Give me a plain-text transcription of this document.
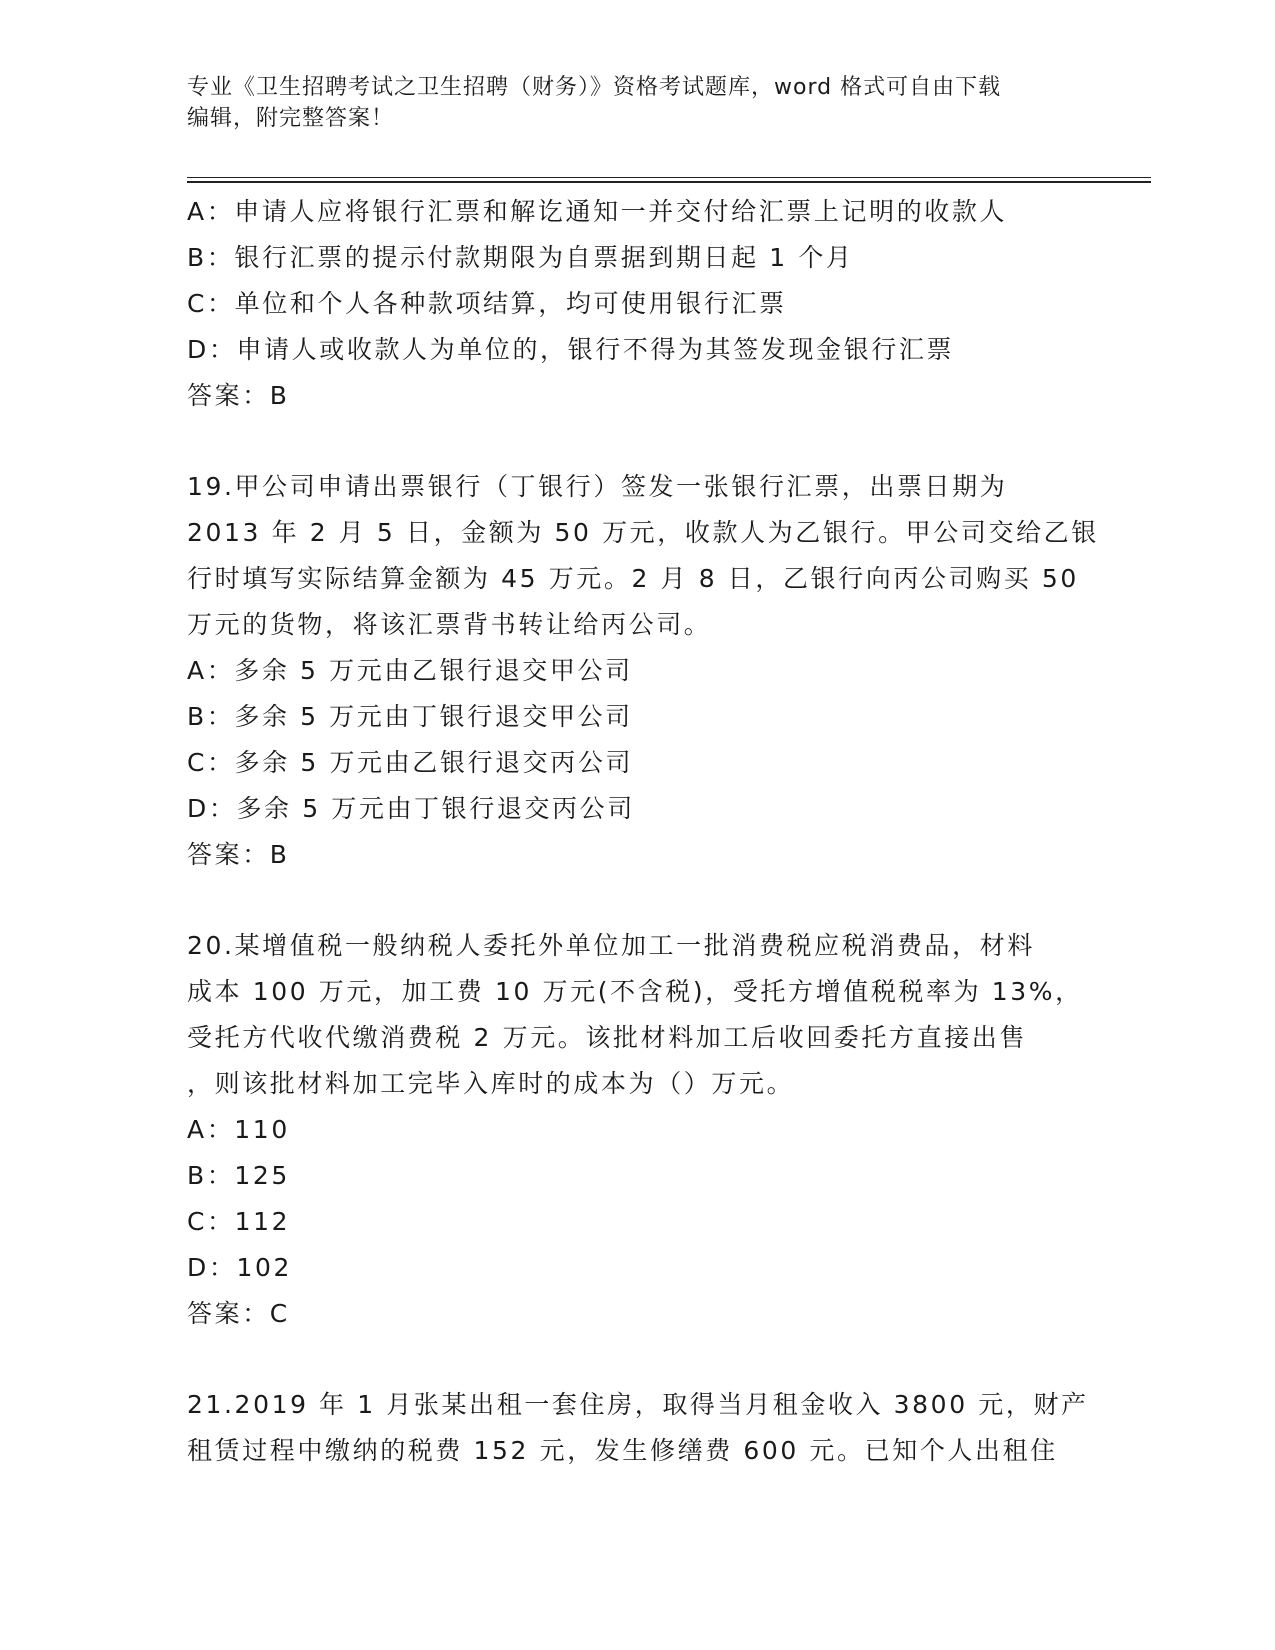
专业《卫生招聘考试之卫生招聘（财务）》资格考试题库，word 格式可自由下载
编辑，附完整答案！
A：申请人应将银行汇票和解讫通知一并交付给汇票上记明的收款人
B：银行汇票的提示付款期限为自票据到期日起 1 个月
C：单位和个人各种款项结算，均可使用银行汇票
D：申请人或收款人为单位的，银行不得为其签发现金银行汇票
答案：B
19.甲公司申请出票银行（丁银行）签发一张银行汇票，出票日期为
2013 年 2 月 5 日，金额为 50 万元，收款人为乙银行。甲公司交给乙银
行时填写实际结算金额为 45 万元。2 月 8 日，乙银行向丙公司购买 50
万元的货物，将该汇票背书转让给丙公司。
A：多余 5 万元由乙银行退交甲公司
B：多余 5 万元由丁银行退交甲公司
C：多余 5 万元由乙银行退交丙公司
D：多余 5 万元由丁银行退交丙公司
答案：B
20.某增值税一般纳税人委托外单位加工一批消费税应税消费品，材料
成本 100 万元，加工费 10 万元(不含税)，受托方增值税税率为 13%，
受托方代收代缴消费税 2 万元。该批材料加工后收回委托方直接出售
，则该批材料加工完毕入库时的成本为（）万元。
A：110
B：125
C：112
D：102
答案：C
21.2019 年 1 月张某出租一套住房，取得当月租金收入 3800 元，财产
租赁过程中缴纳的税费 152 元，发生修缮费 600 元。已知个人出租住
